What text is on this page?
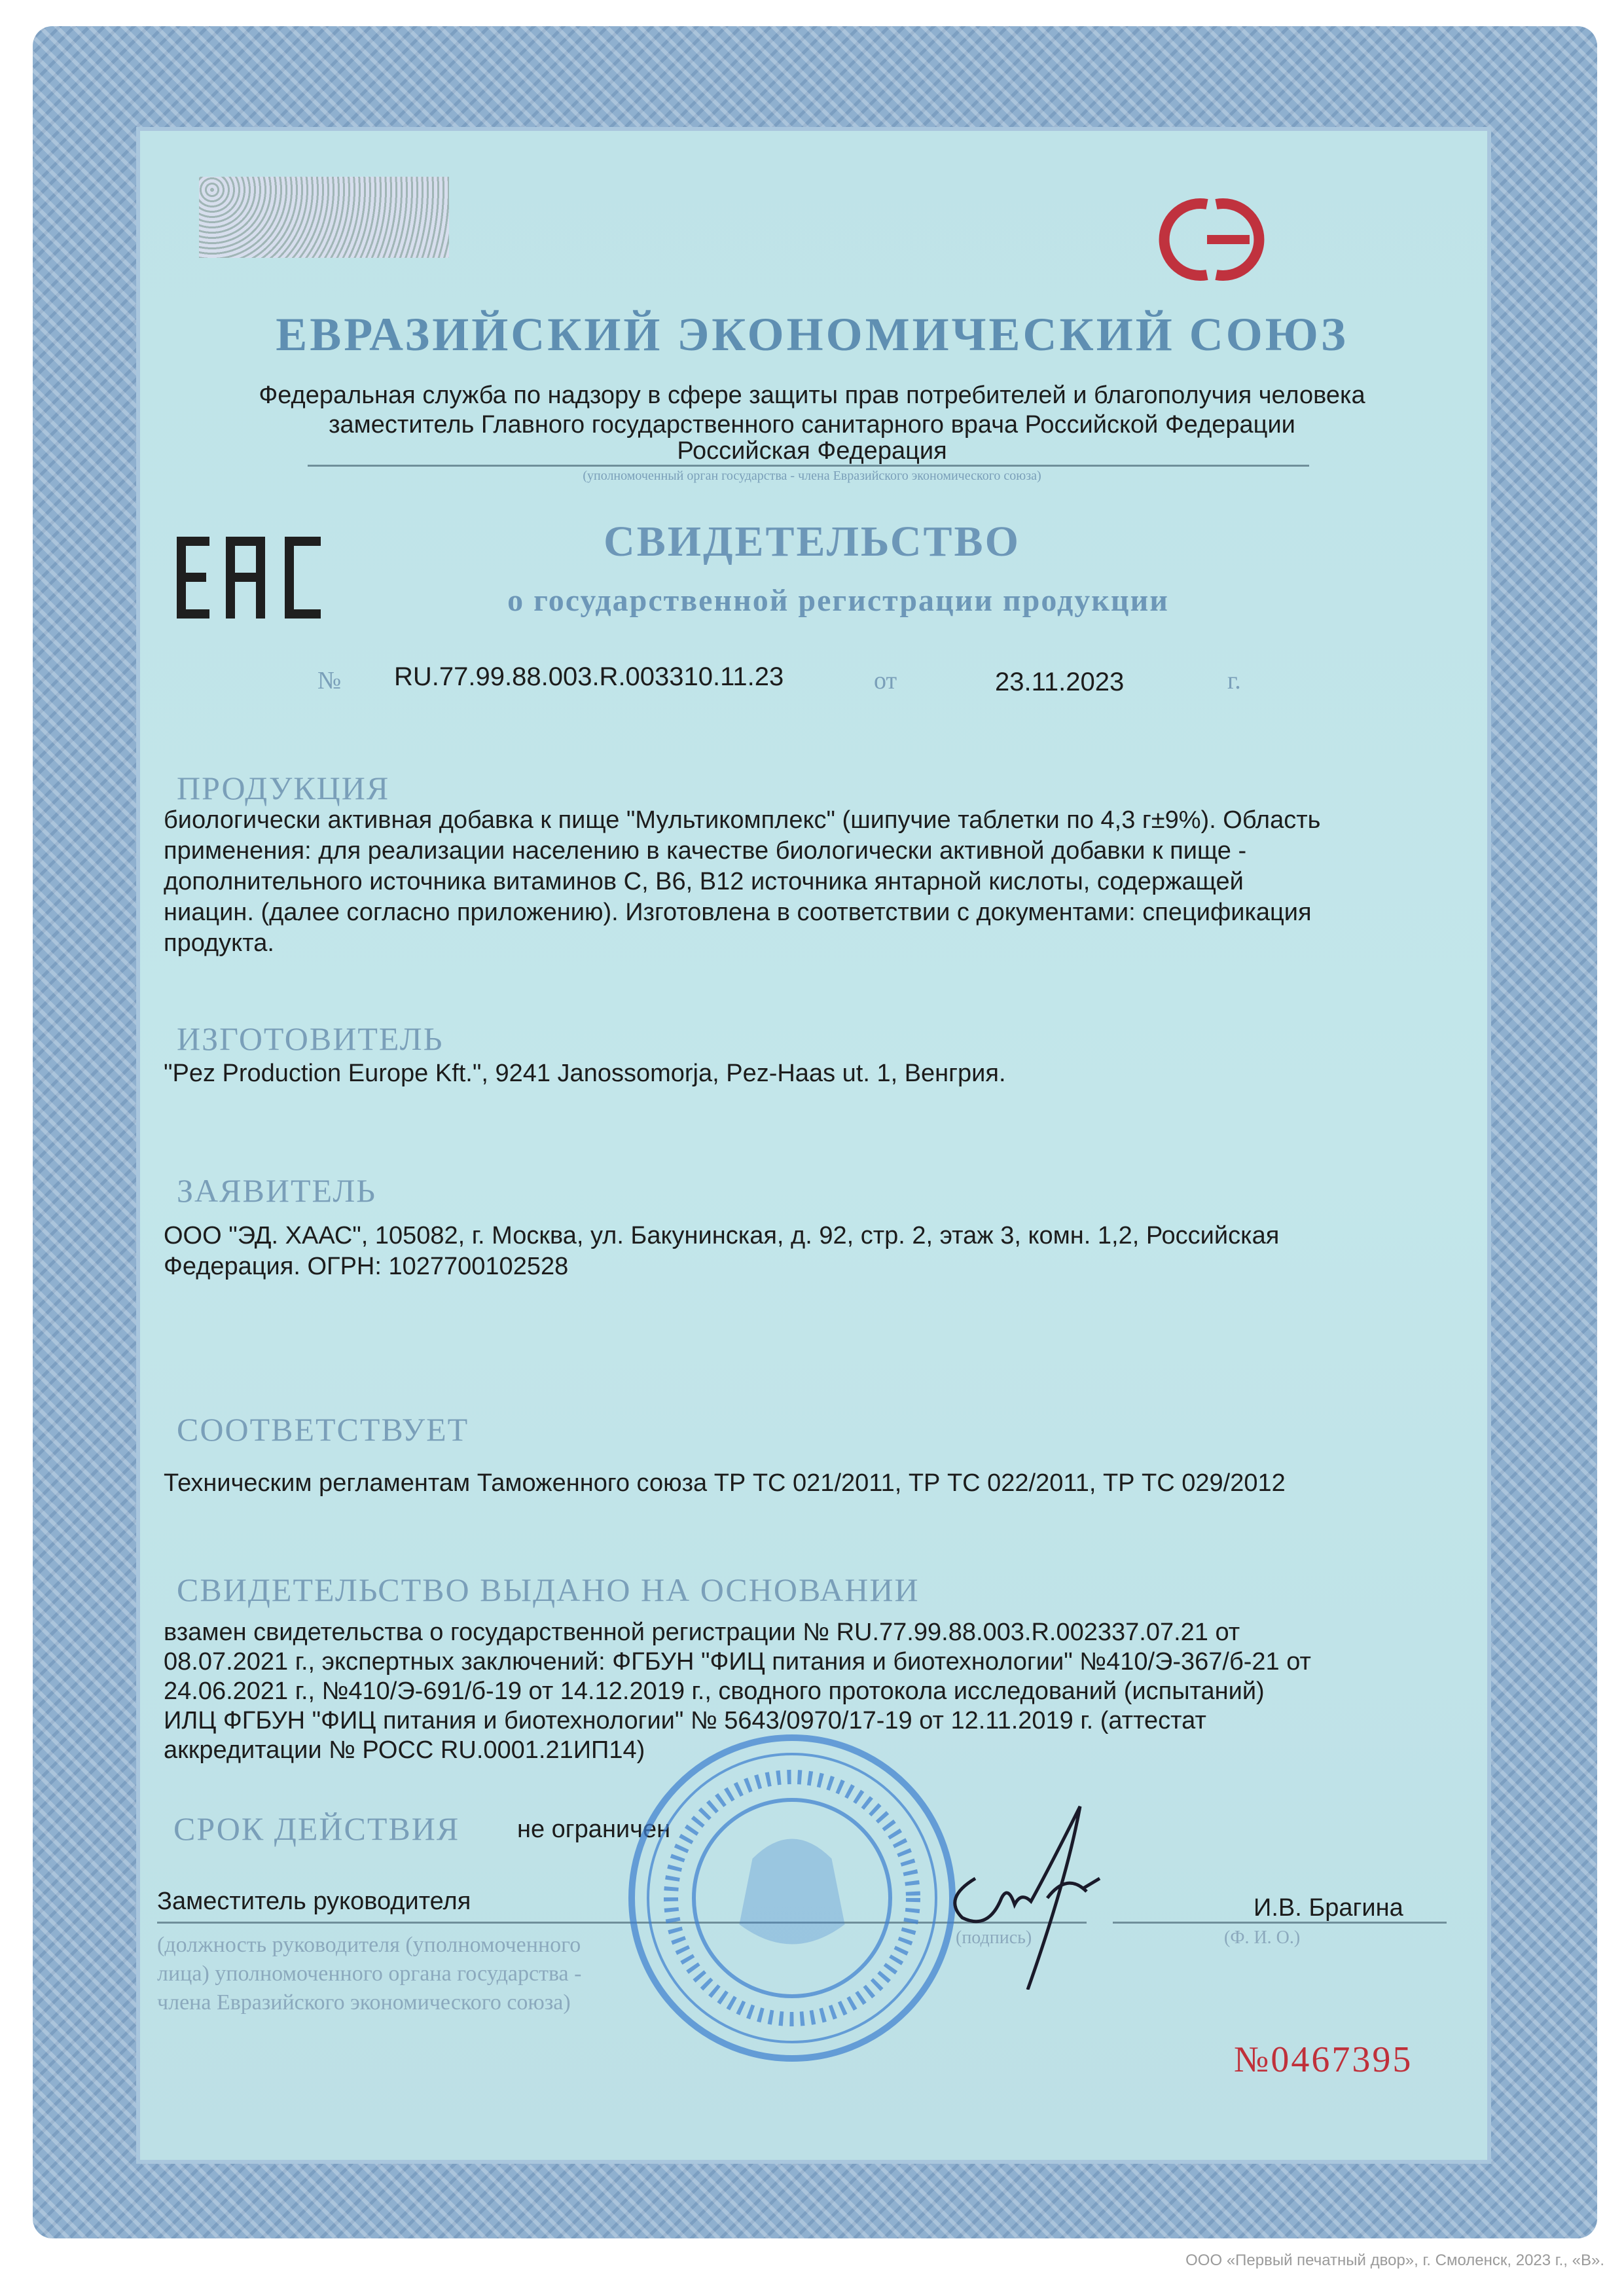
ЕВРАЗИЙСКИЙ ЭКОНОМИЧЕСКИЙ СОЮЗ
Федеральная служба по надзору в сфере защиты прав потребителей и благополучия человека
заместитель Главного государственного санитарного врача Российской Федерации
Российская Федерация
(уполномоченный орган государства - члена Евразийского экономического союза)
СВИДЕТЕЛЬСТВО
о государственной регистрации продукции
№ RU.77.99.88.003.R.003310.11.23	от	23.11.2023	г.
ПРОДУКЦИЯ
биологически активная добавка к пище "Мультикомплекс" (шипучие таблетки по 4,3 г±9%). Область
применения: для реализации населению в качестве биологически активной добавки к пище -
дополнительного источника витаминов С, В6, В12 источника янтарной кислоты, содержащей
ниацин. (далее согласно приложению). Изготовлена в соответствии с документами: спецификация
продукта.
ИЗГОТОВИТЕЛЬ
"Pez Production Europe Kft.", 9241 Janossomorja, Pez-Haas ut. 1, Венгрия.
ЗАЯВИТЕЛЬ
ООО "ЭД. ХААС", 105082, г. Москва, ул. Бакунинская, д. 92, стр. 2, этаж 3, комн. 1,2, Российская
Федерация. ОГРН: 1027700102528
СООТВЕТСТВУЕТ
Техническим регламентам Таможенного союза ТР ТС 021/2011, ТР ТС 022/2011, ТР ТС 029/2012
СВИДЕТЕЛЬСТВО ВЫДАНО НА ОСНОВАНИИ
взамен свидетельства о государственной регистрации № RU.77.99.88.003.R.002337.07.21 от
08.07.2021 г., экспертных заключений: ФГБУН "ФИЦ питания и биотехнологии" №410/Э-367/б-21 от
24.06.2021 г., №410/Э-691/б-19 от 14.12.2019 г., сводного протокола исследований (испытаний)
ИЛЦ ФГБУН "ФИЦ питания и биотехнологии" № 5643/0970/17-19 от 12.11.2019 г. (аттестат
аккредитации № РОСС RU.0001.21ИП14)
СРОК ДЕЙСТВИЯ не ограничен
Заместитель руководителя	И.В. Брагина
(должность руководителя (уполномоченного
лица) уполномоченного органа государства -
члена Евразийского экономического союза)
(подпись)	(Ф. И. О.)
№0467395
ООО «Первый печатный двор», г. Смоленск, 2023 г., «В».
